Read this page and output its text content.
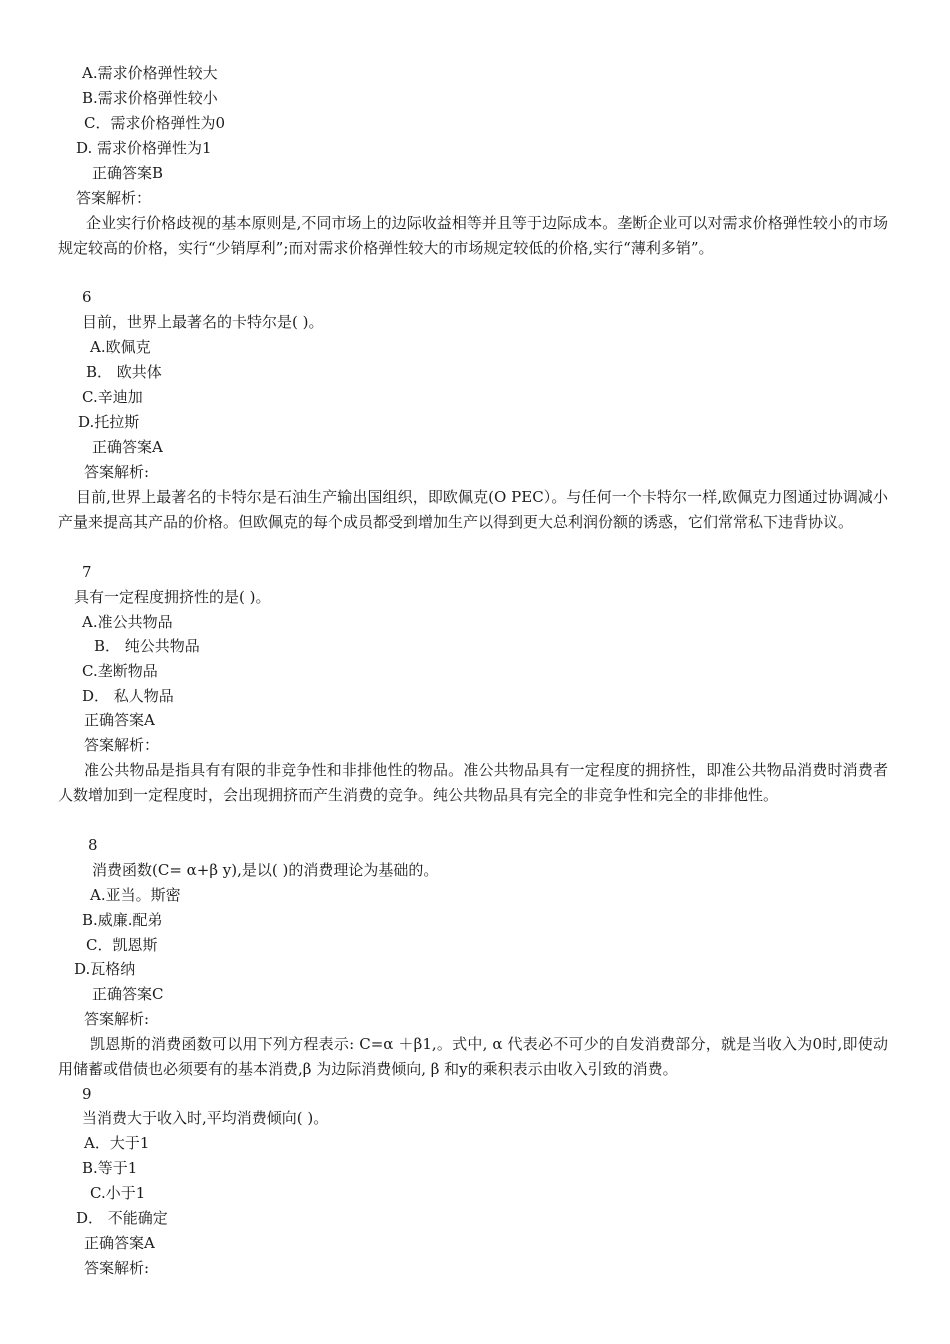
A.需求价格弹性较大
B.需求价格弹性较小
C．需求价格弹性为0
D. 需求价格弹性为1
正确答案B
答案解析：
企业实行价格歧视的基本原则是,不同市场上的边际收益相等并且等于边际成本。垄断企业可以对需求价格弹性较小的市场规定较高的价格，实行“少销厚利”;而对需求价格弹性较大的市场规定较低的价格,实行“薄利多销”。
6
目前，世界上最著名的卡特尔是( )。
A.欧佩克
B． 欧共体
C.辛迪加
D.托拉斯
正确答案A
答案解析:
目前,世界上最著名的卡特尔是石油生产输出国组织，即欧佩克(O PEC）。与任何一个卡特尔一样,欧佩克力图通过协调减小产量来提高其产品的价格。但欧佩克的每个成员都受到增加生产以得到更大总利润份额的诱惑，它们常常私下违背协议。
7
具有一定程度拥挤性的是( )。
A.准公共物品
B． 纯公共物品
C.垄断物品
D． 私人物品
正确答案A
答案解析：
准公共物品是指具有有限的非竞争性和非排他性的物品。准公共物品具有一定程度的拥挤性，即准公共物品消费时消费者人数增加到一定程度时，会出现拥挤而产生消费的竞争。纯公共物品具有完全的非竞争性和完全的非排他性。
8
消费函数(C= α+β y),是以( )的消费理论为基础的。
A.亚当。斯密
B.威廉.配弟
C．凯恩斯
D.瓦格纳
正确答案C
答案解析:
凯恩斯的消费函数可以用下列方程表示: C=α ＋β1,。式中, α 代表必不可少的自发消费部分，就是当收入为0时,即使动用储蓄或借债也必须要有的基本消费,β 为边际消费倾向, β 和y的乘积表示由收入引致的消费。
9
当消费大于收入时,平均消费倾向( )。
A．大于1
B.等于1
C.小于1
D． 不能确定
正确答案A
答案解析:
